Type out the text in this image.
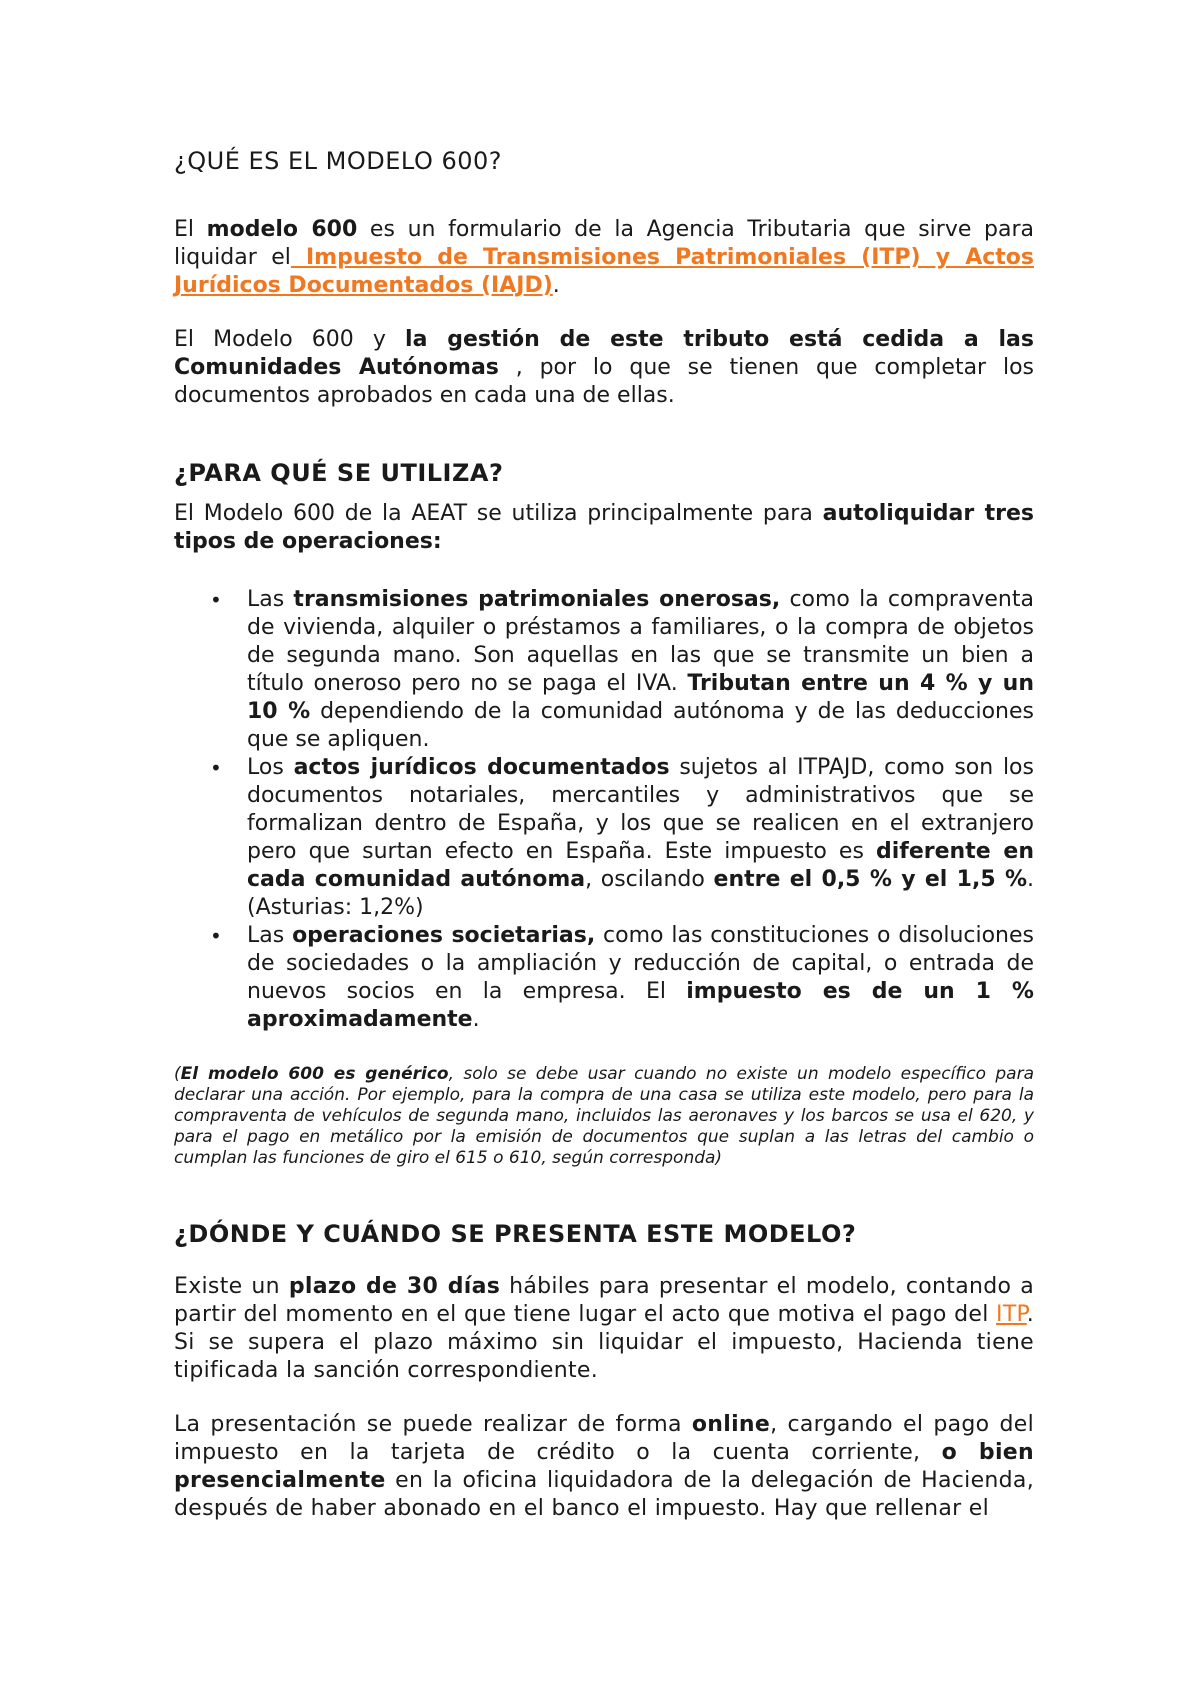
¿QUÉ ES EL MODELO 600?

El modelo 600 es un formulario de la Agencia Tributaria que sirve para liquidar el Impuesto de Transmisiones Patrimoniales (ITP) y Actos Jurídicos Documentados (IAJD).

El Modelo 600 y la gestión de este tributo está cedida a las Comunidades Autónomas , por lo que se tienen que completar los documentos aprobados en cada una de ellas.

¿PARA QUÉ SE UTILIZA?

El Modelo 600 de la AEAT se utiliza principalmente para autoliquidar tres tipos de operaciones:

• Las transmisiones patrimoniales onerosas, como la compraventa de vivienda, alquiler o préstamos a familiares, o la compra de objetos de segunda mano. Son aquellas en las que se transmite un bien a título oneroso pero no se paga el IVA. Tributan entre un 4 % y un 10 % dependiendo de la comunidad autónoma y de las deducciones que se apliquen.
• Los actos jurídicos documentados sujetos al ITPAJD, como son los documentos notariales, mercantiles y administrativos que se formalizan dentro de España, y los que se realicen en el extranjero pero que surtan efecto en España. Este impuesto es diferente en cada comunidad autónoma, oscilando entre el 0,5 % y el 1,5 %. (Asturias: 1,2%)
• Las operaciones societarias, como las constituciones o disoluciones de sociedades o la ampliación y reducción de capital, o entrada de nuevos socios en la empresa. El impuesto es de un 1 % aproximadamente.

(El modelo 600 es genérico, solo se debe usar cuando no existe un modelo específico para declarar una acción. Por ejemplo, para la compra de una casa se utiliza este modelo, pero para la compraventa de vehículos de segunda mano, incluidos las aeronaves y los barcos se usa el 620, y para el pago en metálico por la emisión de documentos que suplan a las letras del cambio o cumplan las funciones de giro el 615 o 610, según corresponda)

¿DÓNDE Y CUÁNDO SE PRESENTA ESTE MODELO?

Existe un plazo de 30 días hábiles para presentar el modelo, contando a partir del momento en el que tiene lugar el acto que motiva el pago del ITP. Si se supera el plazo máximo sin liquidar el impuesto, Hacienda tiene tipificada la sanción correspondiente.

La presentación se puede realizar de forma online, cargando el pago del impuesto en la tarjeta de crédito o la cuenta corriente, o bien presencialmente en la oficina liquidadora de la delegación de Hacienda, después de haber abonado en el banco el impuesto. Hay que rellenar el
